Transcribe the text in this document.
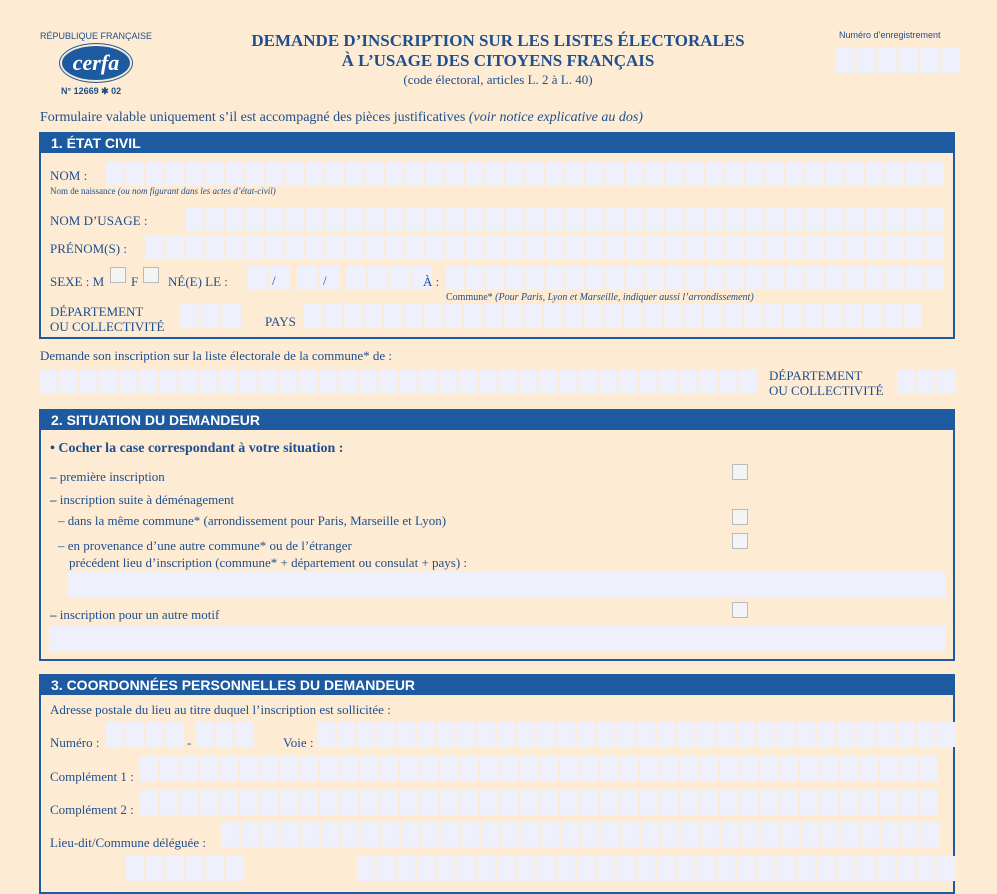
RÉPUBLIQUE FRANÇAISE
cerfa
N° 12669 ✱ 02
DEMANDE D’INSCRIPTION SUR LES LISTES ÉLECTORALES
À L’USAGE DES CITOYENS FRANÇAIS
(code électoral, articles L. 2 à L. 40)
Numéro d’enregistrement
Formulaire valable uniquement s’il est accompagné des pièces justificatives (voir notice explicative au dos)
1. ÉTAT CIVIL
NOM :
Nom de naissance (ou nom figurant dans les actes d’état-civil)
NOM D’USAGE :
PRÉNOM(S) :
SEXE : M F NÉ(E) LE :	/	/	À :
Commune* (Pour Paris, Lyon et Marseille, indiquer aussi l’arrondissement)
DÉPARTEMENT
OU COLLECTIVITÉ	PAYS
Demande son inscription sur la liste électorale de la commune* de :
DÉPARTEMENT
OU COLLECTIVITÉ
2. SITUATION DU DEMANDEUR
• Cocher la case correspondant à votre situation :
– première inscription
– inscription suite à déménagement
– dans la même commune* (arrondissement pour Paris, Marseille et Lyon)
– en provenance d’une autre commune* ou de l’étranger
précédent lieu d’inscription (commune* + département ou consulat + pays) :
– inscription pour un autre motif
3. COORDONNÉES PERSONNELLES DU DEMANDEUR
Adresse postale du lieu au titre duquel l’inscription est sollicitée :
Numéro :	-	Voie :
Complément 1 :
Complément 2 :
Lieu-dit/Commune déléguée :
